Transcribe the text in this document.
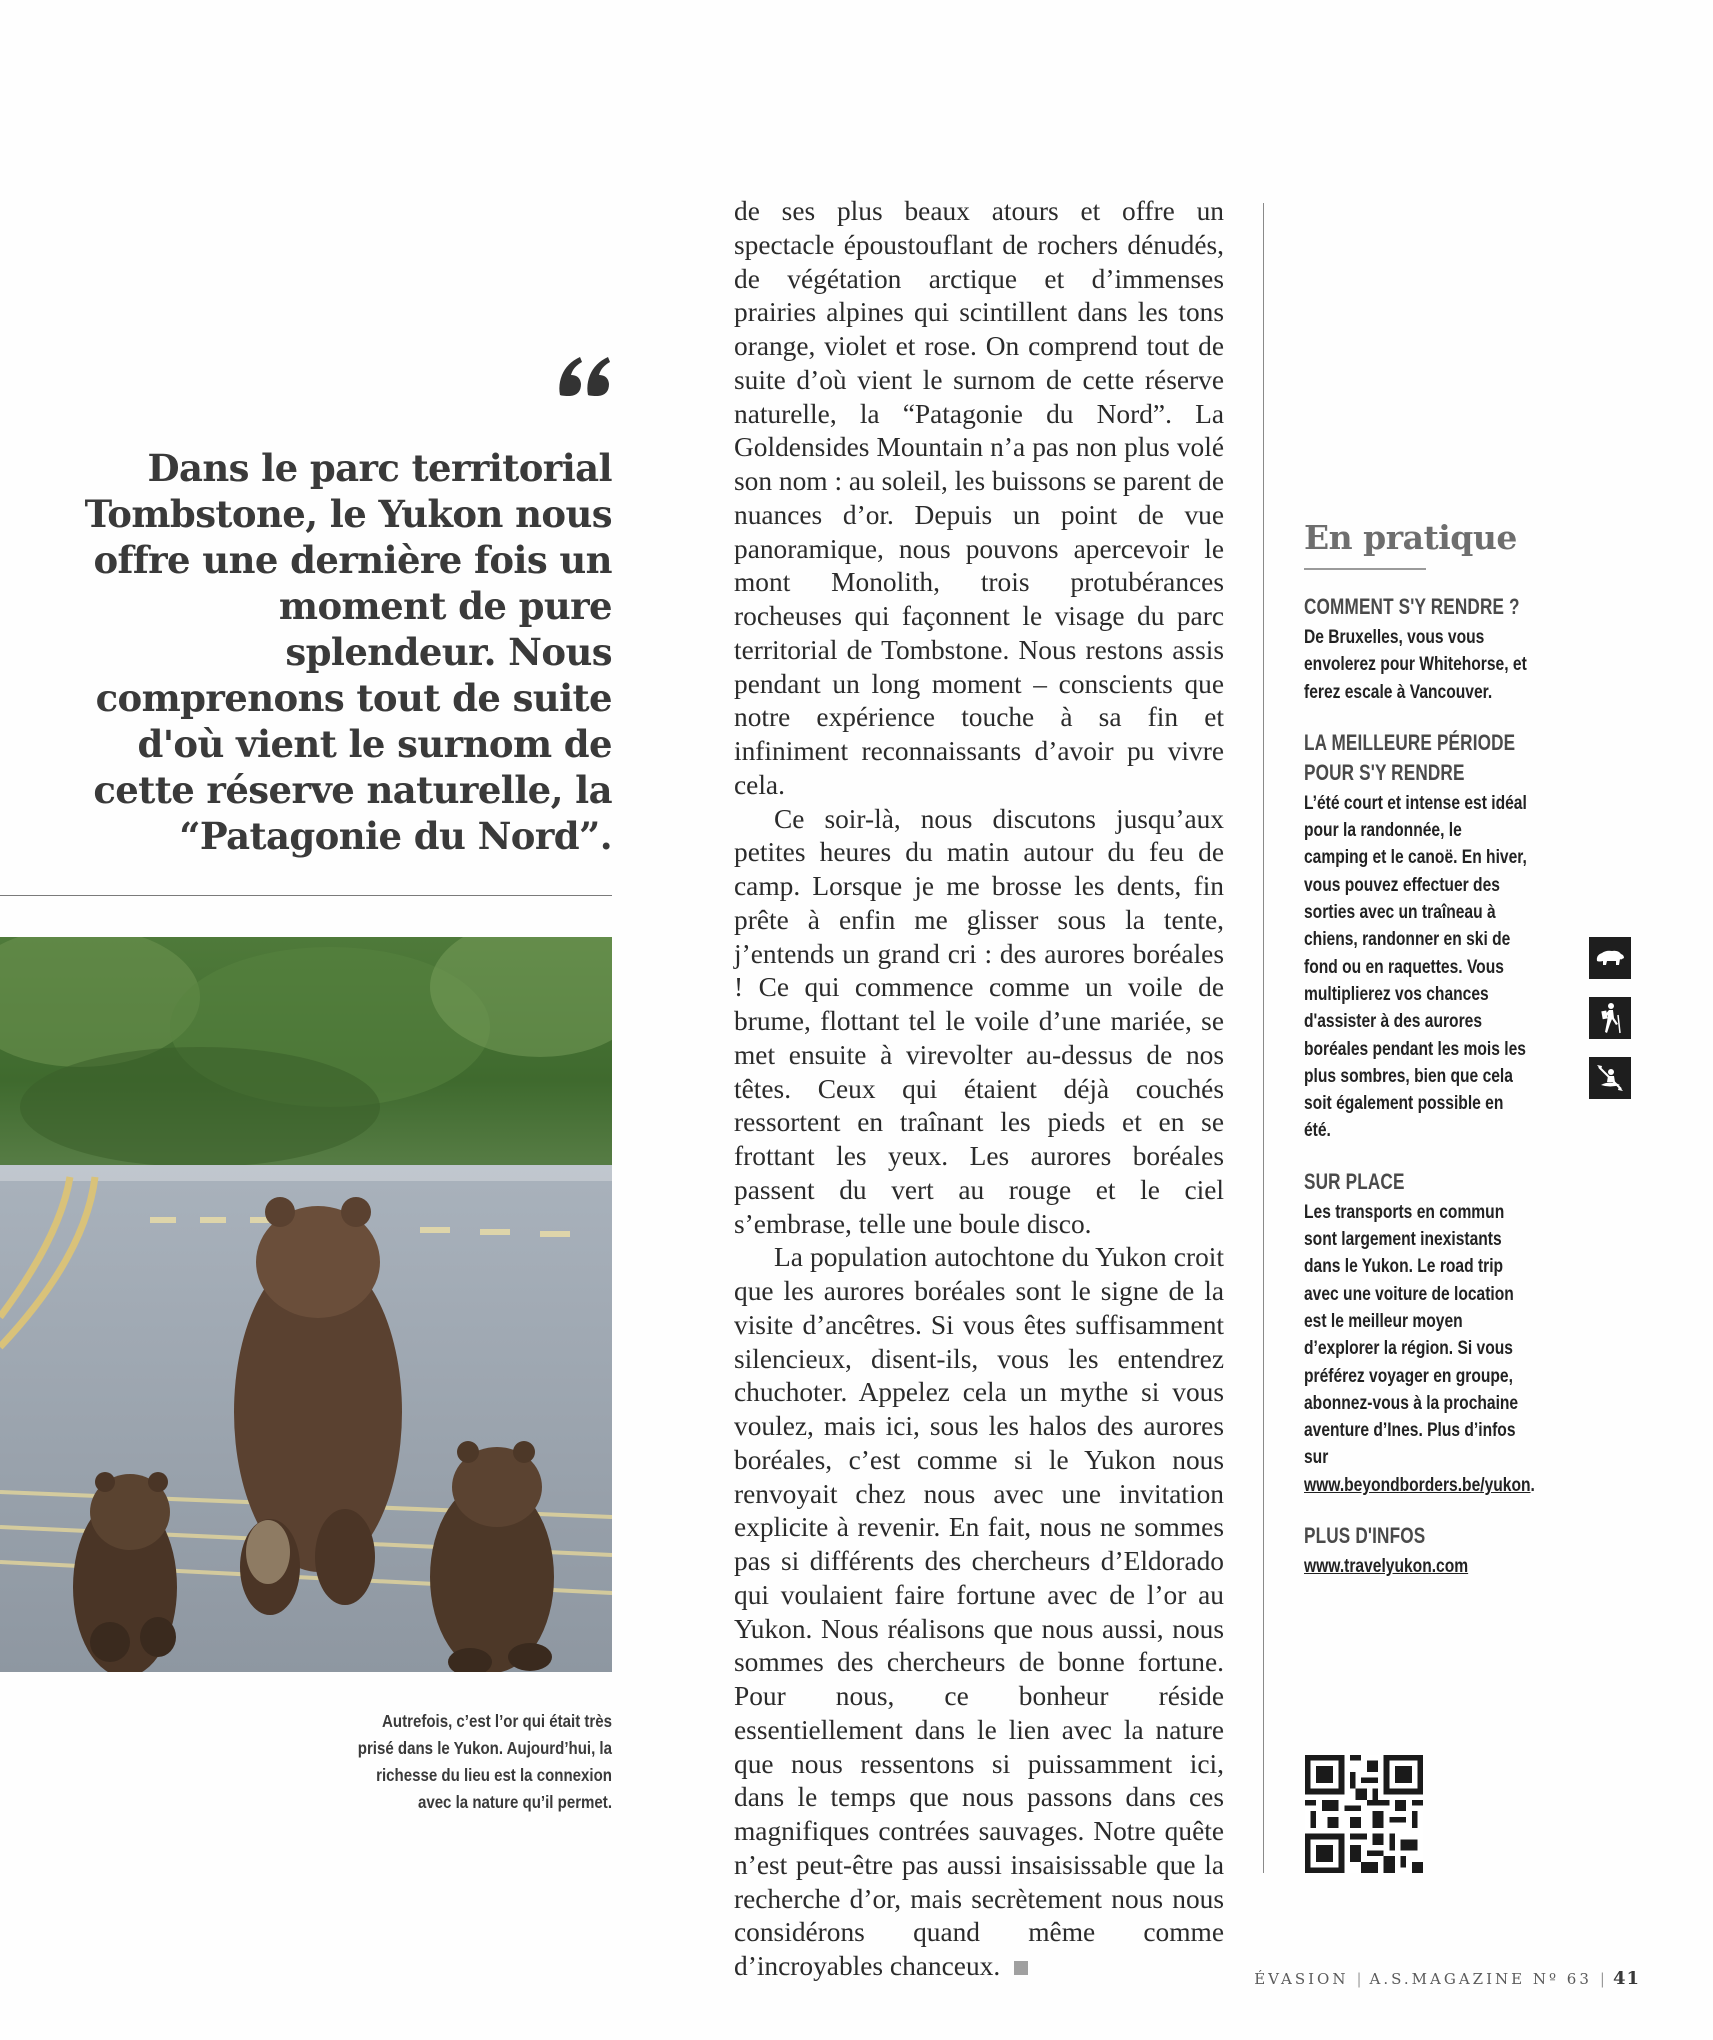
Dans le parc territorial Tombstone, le Yukon nous offre une dernière fois un moment de pure splendeur. Nous comprenons tout de suite d'où vient le surnom de cette réserve naturelle, la “Patagonie du Nord”.
Autrefois, c’est l’or qui était très prisé dans le Yukon. Aujourd’hui, la richesse du lieu est la connexion avec la nature qu’il permet.

de ses plus beaux atours et offre un spectacle époustouflant de rochers dénudés, de végétation arctique et d’immenses prairies alpines qui scintillent dans les tons orange, violet et rose. On comprend tout de suite d’où vient le surnom de cette réserve naturelle, la “Patagonie du Nord”. La Goldensides Mountain n’a pas non plus volé son nom : au soleil, les buissons se parent de nuances d’or. Depuis un point de vue panoramique, nous pouvons apercevoir le mont Monolith, trois protubérances rocheuses qui façonnent le visage du parc territorial de Tombstone. Nous restons assis pendant un long moment – conscients que notre expérience touche à sa fin et infiniment reconnaissants d’avoir pu vivre cela.

Ce soir-là, nous discutons jusqu’aux petites heures du matin autour du feu de camp. Lorsque je me brosse les dents, fin prête à enfin me glisser sous la tente, j’entends un grand cri : des aurores boréales ! Ce qui commence comme un voile de brume, flottant tel le voile d’une mariée, se met ensuite à virevolter au-dessus de nos têtes. Ceux qui étaient déjà couchés ressortent en traînant les pieds et en se frottant les yeux. Les aurores boréales passent du vert au rouge et le ciel s’embrase, telle une boule disco.

La population autochtone du Yukon croit que les aurores boréales sont le signe de la visite d’ancêtres. Si vous êtes suffisamment silencieux, disent-ils, vous les entendrez chuchoter. Appelez cela un mythe si vous voulez, mais ici, sous les halos des aurores boréales, c’est comme si le Yukon nous renvoyait chez nous avec une invitation explicite à revenir. En fait, nous ne sommes pas si différents des chercheurs d’Eldorado qui voulaient faire fortune avec de l’or au Yukon. Nous réalisons que nous aussi, nous sommes des chercheurs de bonne fortune. Pour nous, ce bonheur réside essentiellement dans le lien avec la nature que nous ressentons si puissamment ici, dans le temps que nous passons dans ces magnifiques contrées sauvages. Notre quête n’est peut-être pas aussi insaisissable que la recherche d’or, mais secrètement nous nous considérons quand même comme d’incroyables chanceux.

En pratique
COMMENT S'Y RENDRE ?
De Bruxelles, vous vous envolerez pour Whitehorse, et ferez escale à Vancouver.
LA MEILLEURE PÉRIODE POUR S'Y RENDRE
L’été court et intense est idéal pour la randonnée, le camping et le canoë. En hiver, vous pouvez effectuer des sorties avec un traîneau à chiens, randonner en ski de fond ou en raquettes. Vous multiplierez vos chances d'assister à des aurores boréales pendant les mois les plus sombres, bien que cela soit également possible en été.
SUR PLACE
Les transports en commun sont largement inexistants dans le Yukon. Le road trip avec une voiture de location est le meilleur moyen d’explorer la région. Si vous préférez voyager en groupe, abonnez-vous à la prochaine aventure d’Ines. Plus d’infos sur www.beyondborders.be/yukon.
PLUS D'INFOS
www.travelyukon.com
ÉVASION | A.S.MAGAZINE Nº 63 | 41
